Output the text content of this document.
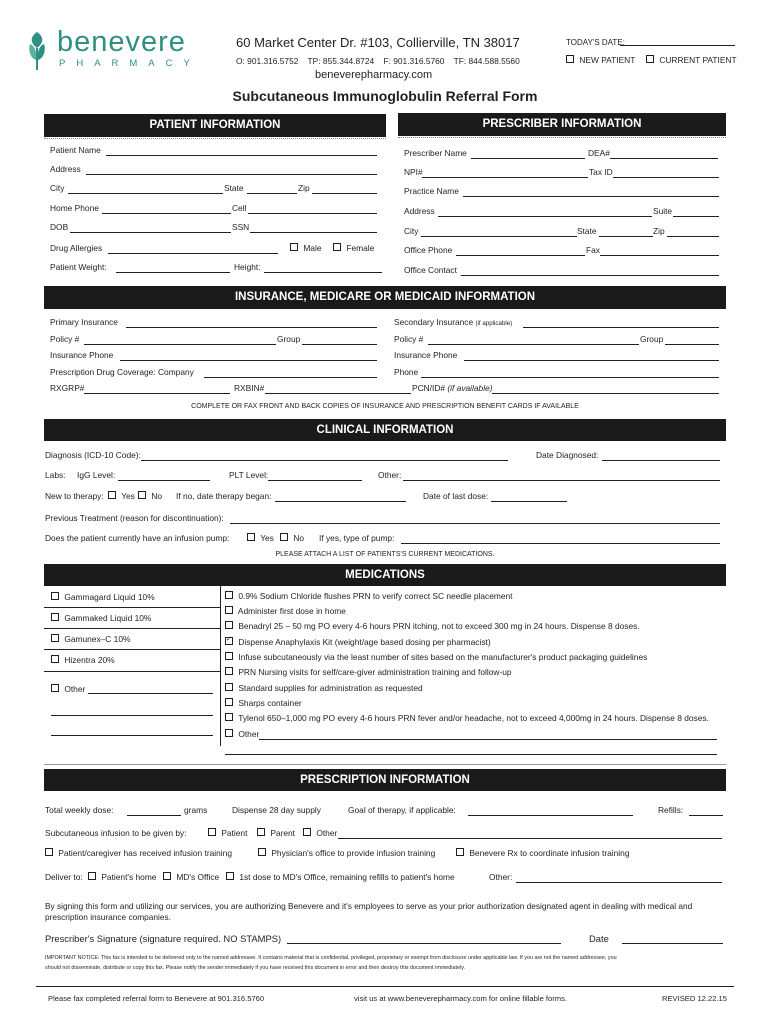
benevere
PHARMACY
60 Market Center Dr. #103, Collierville, TN 38017
O: 901.316.5752    TP: 855.344.8724    F: 901.316.5760    TF: 844.588.5560
beneverepharmacy.com
TODAY'S DATE:
NEW PATIENT	CURRENT PATIENT
Subcutaneous Immunoglobulin Referral Form
PATIENT INFORMATION	PRESCRIBER INFORMATION
Patient Name
Address
City	State	Zip
Home Phone	Cell
DOB	SSN
Drug Allergies	Male	Female
Patient Weight:	Height:
Prescriber Name	DEA#
NPI#	Tax ID
Practice Name
Address	Suite
City	State	Zip
Office Phone	Fax
Office Contact
INSURANCE, MEDICARE OR MEDICAID INFORMATION
Primary Insurance	Secondary Insurance (if applicable)
Policy #	Group	Policy #	Group
Insurance Phone	Insurance Phone
Prescription Drug Coverage: Company	Phone
RXGRP#	RXBIN#	PCN/ID# (if available)
COMPLETE OR FAX FRONT AND BACK COPIES OF INSURANCE AND PRESCRIPTION BENEFIT CARDS IF AVAILABLE
CLINICAL INFORMATION
Diagnosis (ICD-10 Code):	Date Diagnosed:
Labs: IgG Level:	PLT Level:	Other:
New to therapy:	Yes	No If no, date therapy began:	Date of last dose:
Previous Treatment (reason for discontinuation):
Does the patient currently have an infusion pump:	Yes	No If yes, type of pump:
PLEASE ATTACH A LIST OF PATIENTS'S CURRENT MEDICATIONS.
MEDICATIONS
Gammagard Liquid 10%
Gammaked Liquid 10%
Gamunex–C 10%
Hizentra 20%
Other
0.9% Sodium Chloride flushes PRN to verify correct SC needle placement
Administer first dose in home
Benadryl 25 – 50 mg PO every 4-6 hours PRN itching, not to exceed 300 mg in 24 hours. Dispense 8 doses.
✓ Dispense Anaphylaxis Kit (weight/age based dosing per pharmacist)
Infuse subcutaneously via the least number of sites based on the manufacturer's product packaging guidelines
PRN Nursing visits for self/care-giver administration training and follow-up
Standard supplies for administration as requested
Sharps container
Tylenol 650–1,000 mg PO every 4-6 hours PRN fever and/or headache, not to exceed 4,000mg in 24 hours. Dispense 8 doses.
Other
PRESCRIPTION INFORMATION
Total weekly dose:	grams	Dispense 28 day supply	Goal of therapy, if applicable:	Refills:
Subcutaneous infusion to be given by:	Patient	Parent	Other
Patient/caregiver has received infusion training	Physician's office to provide infusion training	Benevere Rx to coordinate infusion training
Deliver to:	Patient's home	MD's Office	1st dose to MD's Office, remaining refills to patient's home	Other:
By signing this form and utilizing our services, you are authorizing Benevere and it's employees to serve as your prior authorization designated agent in dealing with medical and
prescription insurance companies.
Prescriber's Signature (signature required. NO STAMPS)	Date
IMPORTANT NOTICE: This fax is intended to be delivered only to the named addressee. It contains material that is confidential, privileged, proprietary or exempt from disclosure under applicable law. If you are not the named addressee, you
should not disseminate, distribute or copy this fax. Please notify the sender immediately if you have received this document in error and then destroy this document immediately.
Please fax completed referral form to Benevere at 901.316.5760	visit us at www.beneverepharmacy.com for online fillable forms.	REVISED 12.22.15
